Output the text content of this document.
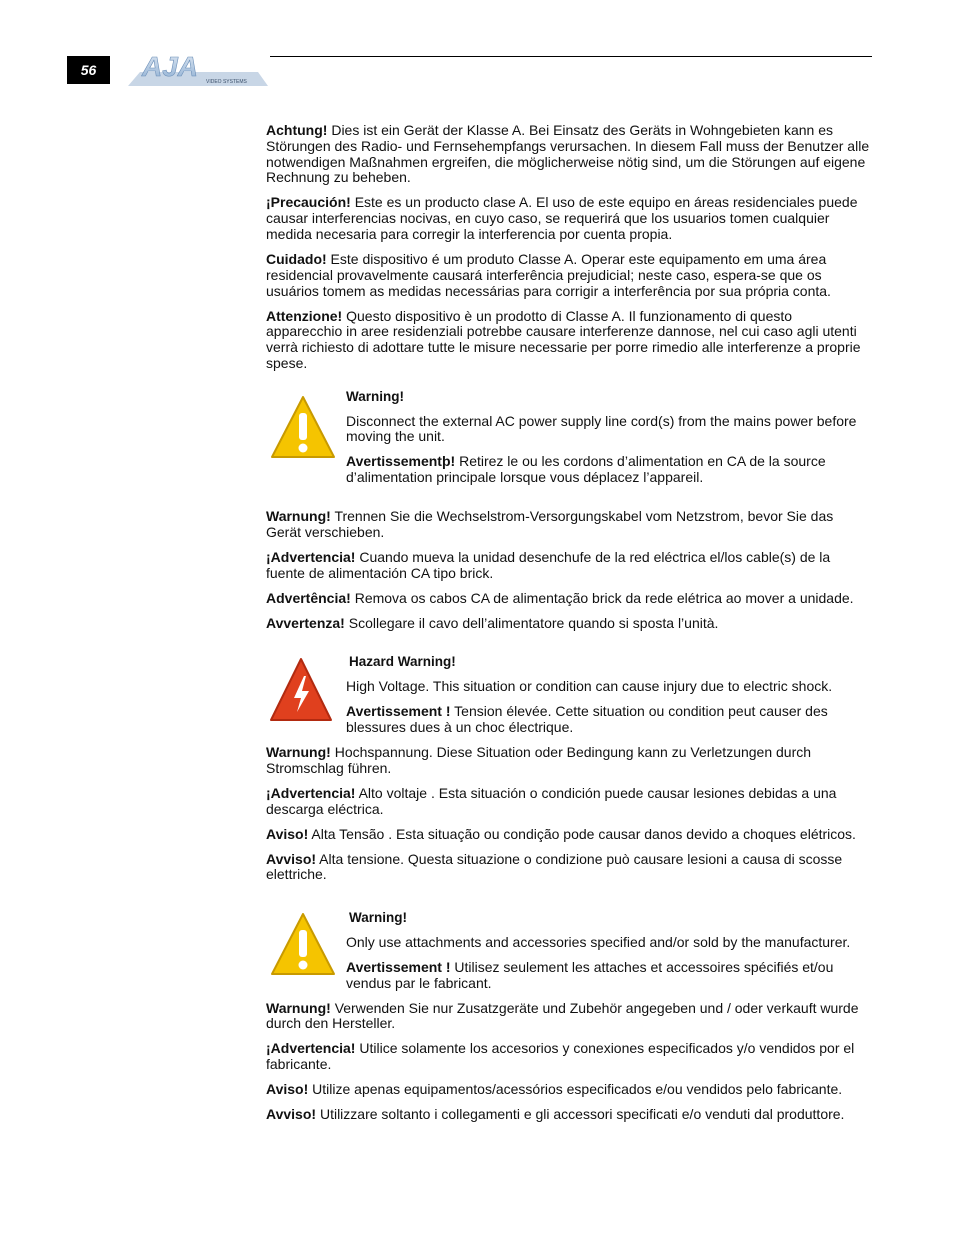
56	AJA VIDEO SYSTEMS

Achtung! Dies ist ein Gerät der Klasse A. Bei Einsatz des Geräts in Wohngebieten kann es Störungen des Radio- und Fernsehempfangs verursachen. In diesem Fall muss der Benutzer alle notwendigen Maßnahmen ergreifen, die möglicherweise nötig sind, um die Störungen auf eigene Rechnung zu beheben.

¡Precaución! Este es un producto clase A. El uso de este equipo en áreas residenciales puede causar interferencias nocivas, en cuyo caso, se requerirá que los usuarios tomen cualquier medida necesaria para corregir la interferencia por cuenta propia.

Cuidado! Este dispositivo é um produto Classe A. Operar este equipamento em uma área residencial provavelmente causará interferência prejudicial; neste caso, espera-se que os usuários tomem as medidas necessárias para corrigir a interferência por sua própria conta.

Attenzione! Questo dispositivo è un prodotto di Classe A. Il funzionamento di questo apparecchio in aree residenziali potrebbe causare interferenze dannose, nel cui caso agli utenti verrà richiesto di adottare tutte le misure necessarie per porre rimedio alle interferenze a proprie spese.

Warning!

Disconnect the external AC power supply line cord(s) from the mains power before moving the unit.

Avertissementþ! Retirez le ou les cordons d’alimentation en CA de la source d’alimentation principale lorsque vous déplacez l’appareil.

Warnung! Trennen Sie die Wechselstrom-Versorgungskabel vom Netzstrom, bevor Sie das Gerät verschieben.

¡Advertencia! Cuando mueva la unidad desenchufe de la red eléctrica el/los cable(s) de la fuente de alimentación CA tipo brick.

Advertência! Remova os cabos CA de alimentação brick da rede elétrica ao mover a unidade.

Avvertenza! Scollegare il cavo dell’alimentatore quando si sposta l’unità.

Hazard Warning!

High Voltage. This situation or condition can cause injury due to electric shock.

Avertissement ! Tension élevée. Cette situation ou condition peut causer des blessures dues à un choc électrique.

Warnung! Hochspannung. Diese Situation oder Bedingung kann zu Verletzungen durch Stromschlag führen.

¡Advertencia! Alto voltaje . Esta situación o condición puede causar lesiones debidas a una descarga eléctrica.

Aviso! Alta Tensão . Esta situação ou condição pode causar danos devido a choques elétricos.

Avviso! Alta tensione. Questa situazione o condizione può causare lesioni a causa di scosse elettriche.

Warning!

Only use attachments and accessories specified and/or sold by the manufacturer.

Avertissement ! Utilisez seulement les attaches et accessoires spécifiés et/ou vendus par le fabricant.

Warnung! Verwenden Sie nur Zusatzgeräte und Zubehör angegeben und / oder verkauft wurde durch den Hersteller.

¡Advertencia! Utilice solamente los accesorios y conexiones especificados y/o vendidos por el fabricante.

Aviso! Utilize apenas equipamentos/acessórios especificados e/ou vendidos pelo fabricante.

Avviso! Utilizzare soltanto i collegamenti e gli accessori specificati e/o venduti dal produttore.
